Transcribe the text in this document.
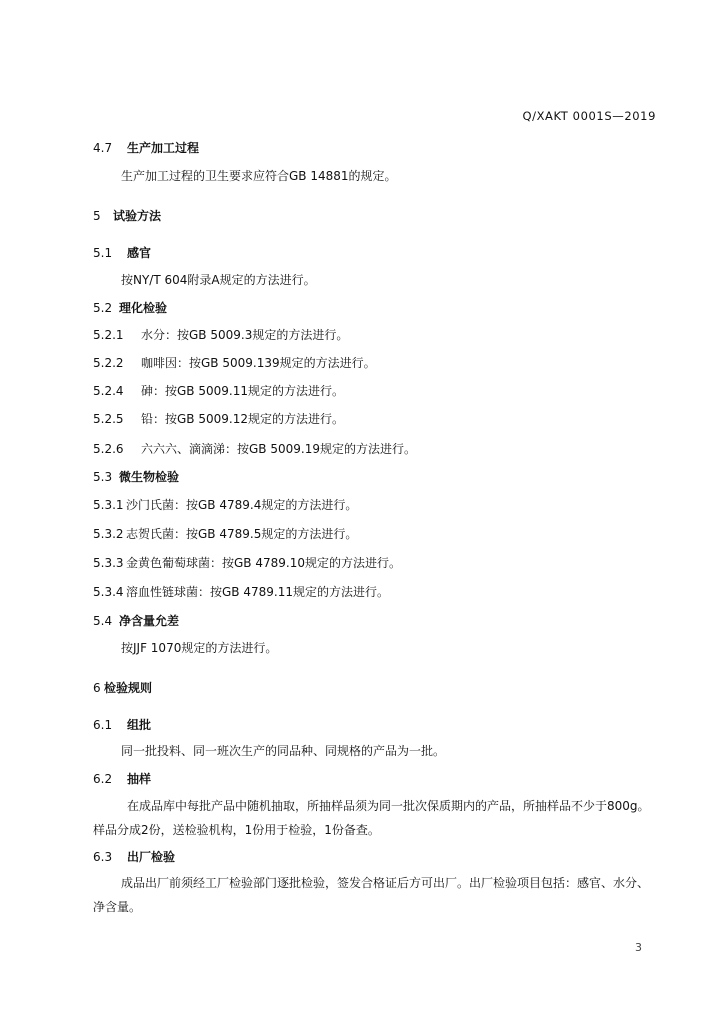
Q/XAKT 0001S—2019
4.7 生产加工过程
生产加工过程的卫生要求应符合GB 14881的规定。
5 试验方法
5.1 感官
按NY/T 604附录A规定的方法进行。
5.2 理化检验
5.2.1 水分：按GB 5009.3规定的方法进行。
5.2.2 咖啡因：按GB 5009.139规定的方法进行。
5.2.4 砷：按GB 5009.11规定的方法进行。
5.2.5 铅：按GB 5009.12规定的方法进行。
5.2.6 六六六、滴滴涕：按GB 5009.19规定的方法进行。
5.3 微生物检验
5.3.1 沙门氏菌：按GB 4789.4规定的方法进行。
5.3.2 志贺氏菌：按GB 4789.5规定的方法进行。
5.3.3 金黄色葡萄球菌：按GB 4789.10规定的方法进行。
5.3.4 溶血性链球菌：按GB 4789.11规定的方法进行。
5.4 净含量允差
按JJF 1070规定的方法进行。
6 检验规则
6.1 组批
同一批投料、同一班次生产的同品种、同规格的产品为一批。
6.2 抽样
在成品库中每批产品中随机抽取，所抽样品须为同一批次保质期内的产品，所抽样品不少于800g。样品分成2份，送检验机构，1份用于检验，1份备查。
6.3 出厂检验
成品出厂前须经工厂检验部门逐批检验，签发合格证后方可出厂。出厂检验项目包括：感官、水分、净含量。
3
